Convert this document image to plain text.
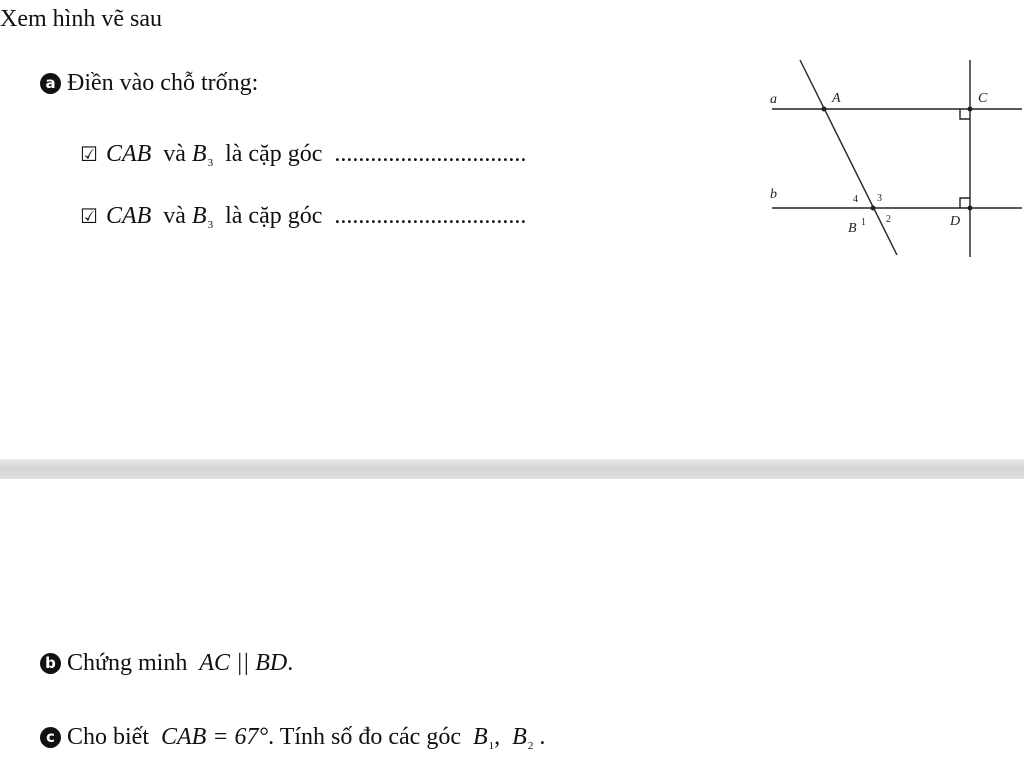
Xem hình vẽ sau
a Điền vào chỗ trống:
☑ CAB và $B_3$ là cặp góc ................................
☑ CAB và $B_3$ là cặp góc ................................
a
b
A	C
B	D
4 3
1 2
b Chứng minh AC || BD.
c Cho biết CAB = 67°. Tính số đo các góc $B_1$, $B_2$ .
